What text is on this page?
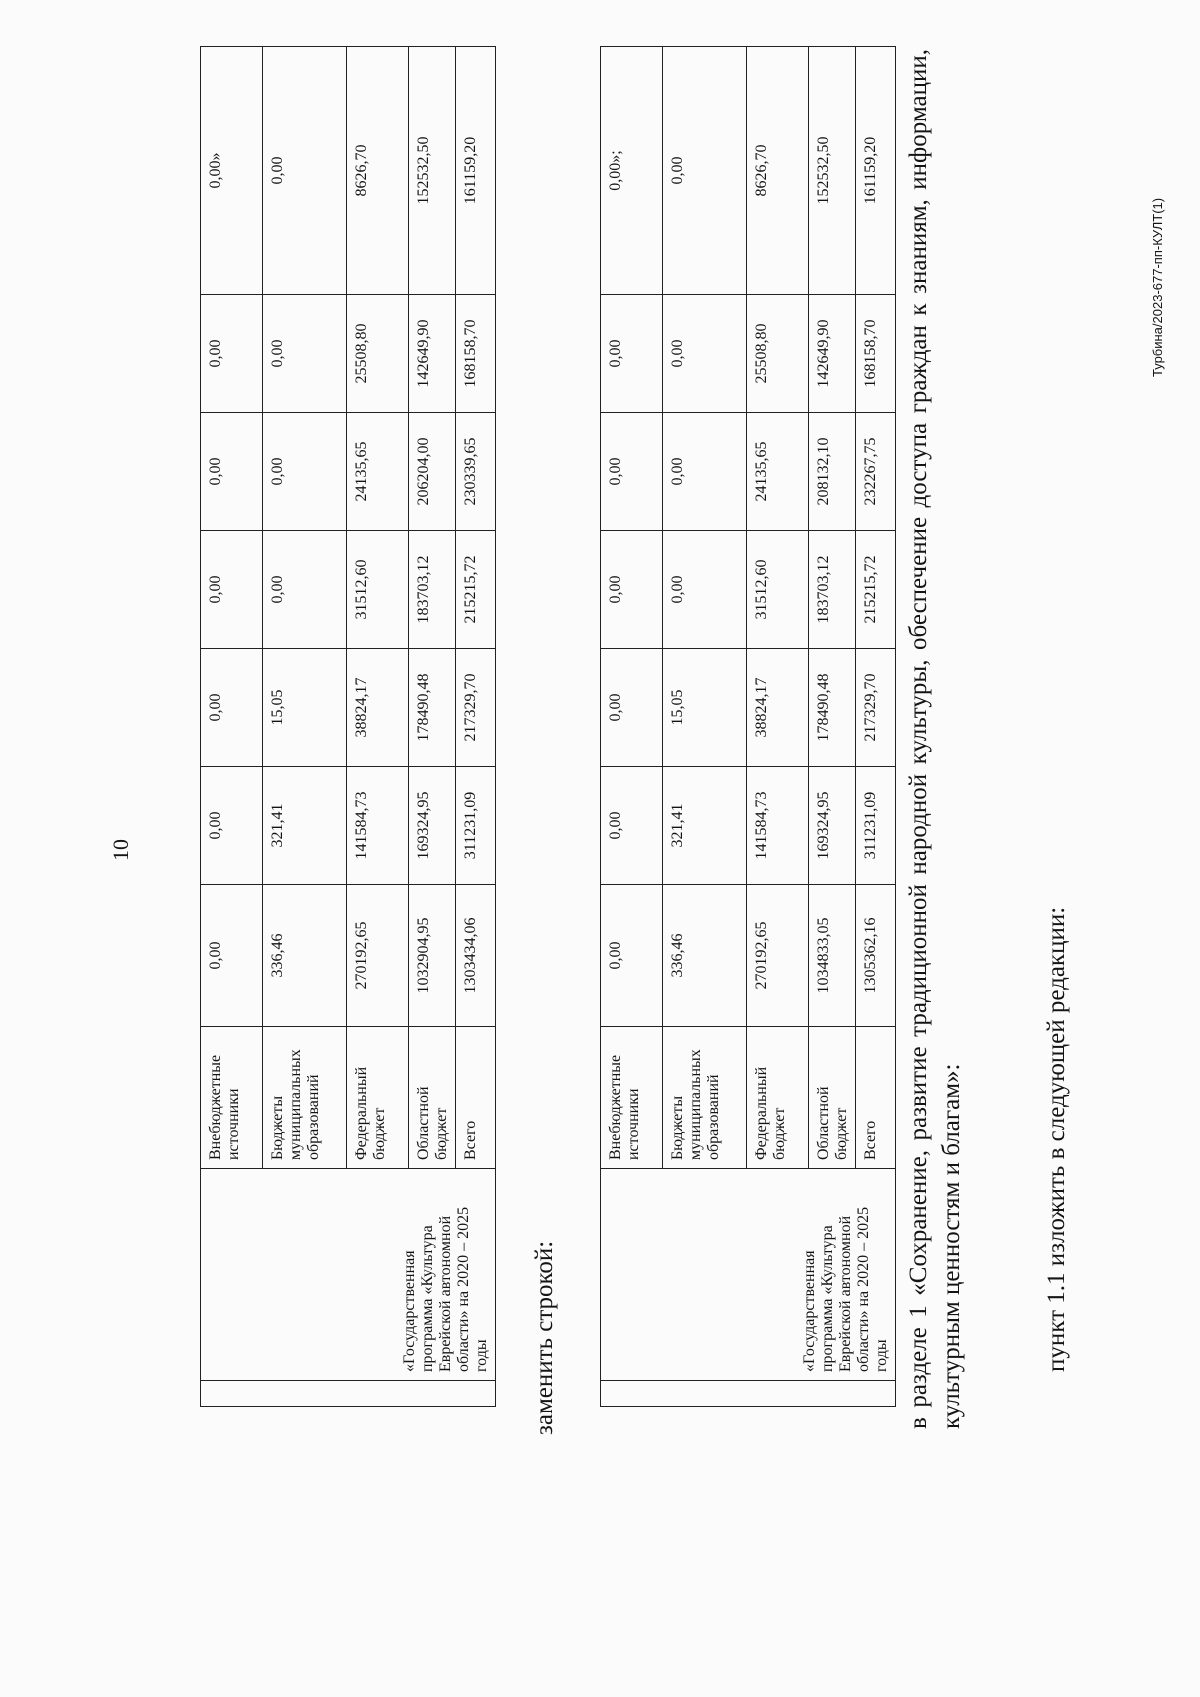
10
	«Государственная программа «Культура Еврейской автономной области» на 2020 – 2025 годы	Внебюджетные источники	0,00	0,00	0,00	0,00	0,00	0,00	0,00»
		Бюджеты муниципальных образований	336,46	321,41	15,05	0,00	0,00	0,00	0,00
		Федеральный бюджет	270192,65	141584,73	38824,17	31512,60	24135,65	25508,80	8626,70
		Областной бюджет	1032904,95	169324,95	178490,48	183703,12	206204,00	142649,90	152532,50
		Всего	1303434,06	311231,09	217329,70	215215,72	230339,65	168158,70	161159,20
заменить строкой:
		«Государственная программа «Культура Еврейской автономной области» на 2020 – 2025 годы	Внебюджетные источники	0,00	0,00	0,00	0,00	0,00	0,00	0,00»;
		Бюджеты муниципальных образований	336,46	321,41	15,05	0,00	0,00	0,00	0,00
		Федеральный бюджет	270192,65	141584,73	38824,17	31512,60	24135,65	25508,80	8626,70
		Областной бюджет	1034833,05	169324,95	178490,48	183703,12	208132,10	142649,90	152532,50
		Всего	1305362,16	311231,09	217329,70	215215,72	232267,75	168158,70	161159,20 в разделе 1 «Сохранение, развитие традиционной народной культуры, обеспечение доступа граждан к знаниям, информации, культурным ценностям и благам»:	пункт 1.1 изложить в следующей редакции:
Турбина/2023-677-пп-КУЛТ(1)
